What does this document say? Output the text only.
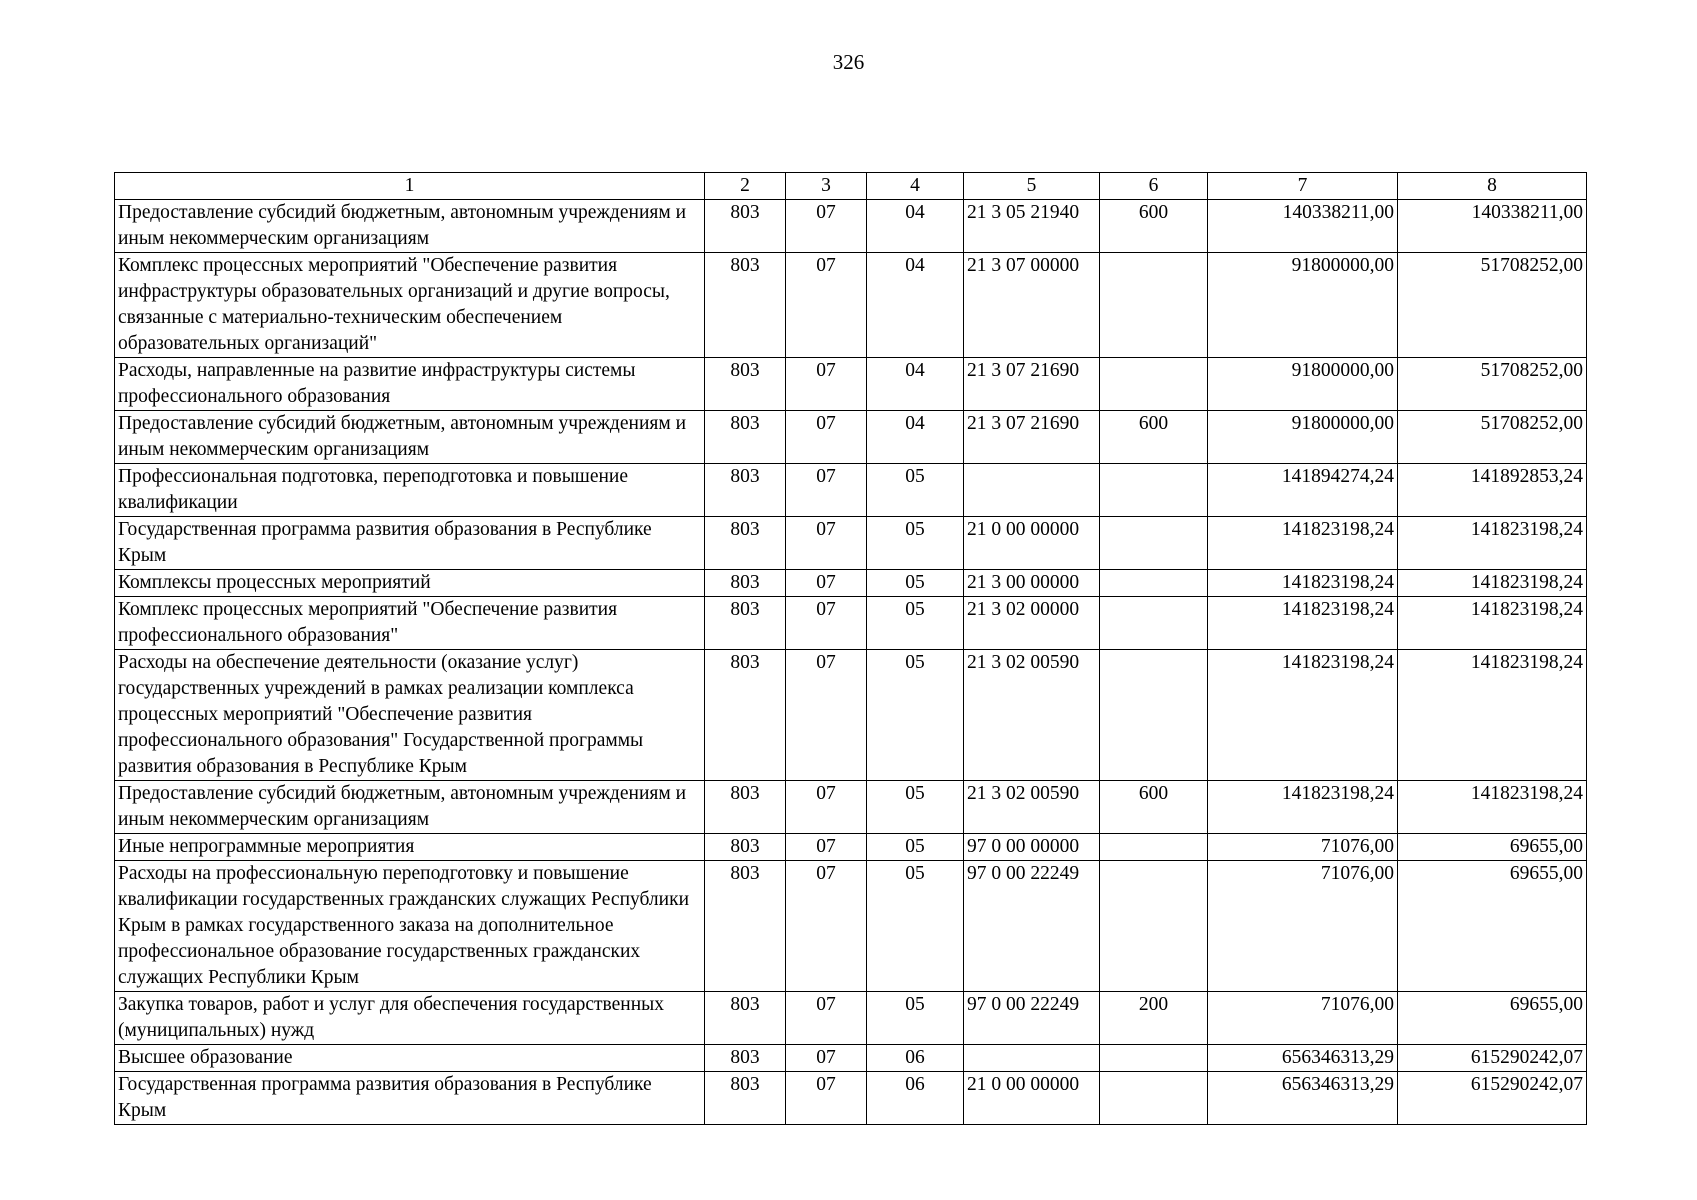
326
1	2	3	4	5	6	7	8
Предоставление субсидий бюджетным, автономным учреждениям и иным некоммерческим организациям	803	07	04	21 3 05 21940	600	140338211,00	140338211,00
Комплекс процессных мероприятий "Обеспечение развития инфраструктуры образовательных организаций и другие вопросы, связанные с материально-техническим обеспечением образовательных организаций"	803	07	04	21 3 07 00000		91800000,00	51708252,00
Расходы, направленные на развитие инфраструктуры системы профессионального образования	803	07	04	21 3 07 21690		91800000,00	51708252,00
Предоставление субсидий бюджетным, автономным учреждениям и иным некоммерческим организациям	803	07	04	21 3 07 21690	600	91800000,00	51708252,00
Профессиональная подготовка, переподготовка и повышение квалификации	803	07	05			141894274,24	141892853,24
Государственная программа развития образования в Республике Крым	803	07	05	21 0 00 00000		141823198,24	141823198,24
Комплексы процессных мероприятий	803	07	05	21 3 00 00000		141823198,24	141823198,24
Комплекс процессных мероприятий "Обеспечение развития профессионального образования"	803	07	05	21 3 02 00000		141823198,24	141823198,24
Расходы на обеспечение деятельности (оказание услуг) государственных учреждений в рамках реализации комплекса процессных мероприятий "Обеспечение развития профессионального образования" Государственной программы развития образования в Республике Крым	803	07	05	21 3 02 00590		141823198,24	141823198,24
Предоставление субсидий бюджетным, автономным учреждениям и иным некоммерческим организациям	803	07	05	21 3 02 00590	600	141823198,24	141823198,24
Иные непрограммные мероприятия	803	07	05	97 0 00 00000		71076,00	69655,00
Расходы на профессиональную переподготовку и повышение квалификации государственных гражданских служащих Республики Крым в рамках государственного заказа на дополнительное профессиональное образование государственных гражданских служащих Республики Крым	803	07	05	97 0 00 22249		71076,00	69655,00
Закупка товаров, работ и услуг для обеспечения государственных (муниципальных) нужд	803	07	05	97 0 00 22249	200	71076,00	69655,00
Высшее образование	803	07	06			656346313,29	615290242,07
Государственная программа развития образования в Республике Крым	803	07	06	21 0 00 00000		656346313,29	615290242,07
